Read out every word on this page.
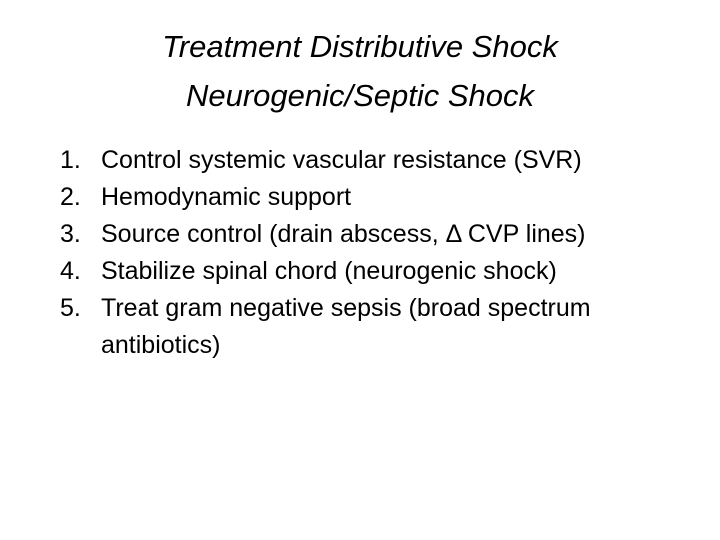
Treatment Distributive Shock
Neurogenic/Septic Shock
1. Control systemic vascular resistance (SVR)
2. Hemodynamic support
3. Source control (drain abscess, Δ CVP lines)
4. Stabilize spinal chord (neurogenic shock)
5. Treat gram negative sepsis (broad spectrum antibiotics)
